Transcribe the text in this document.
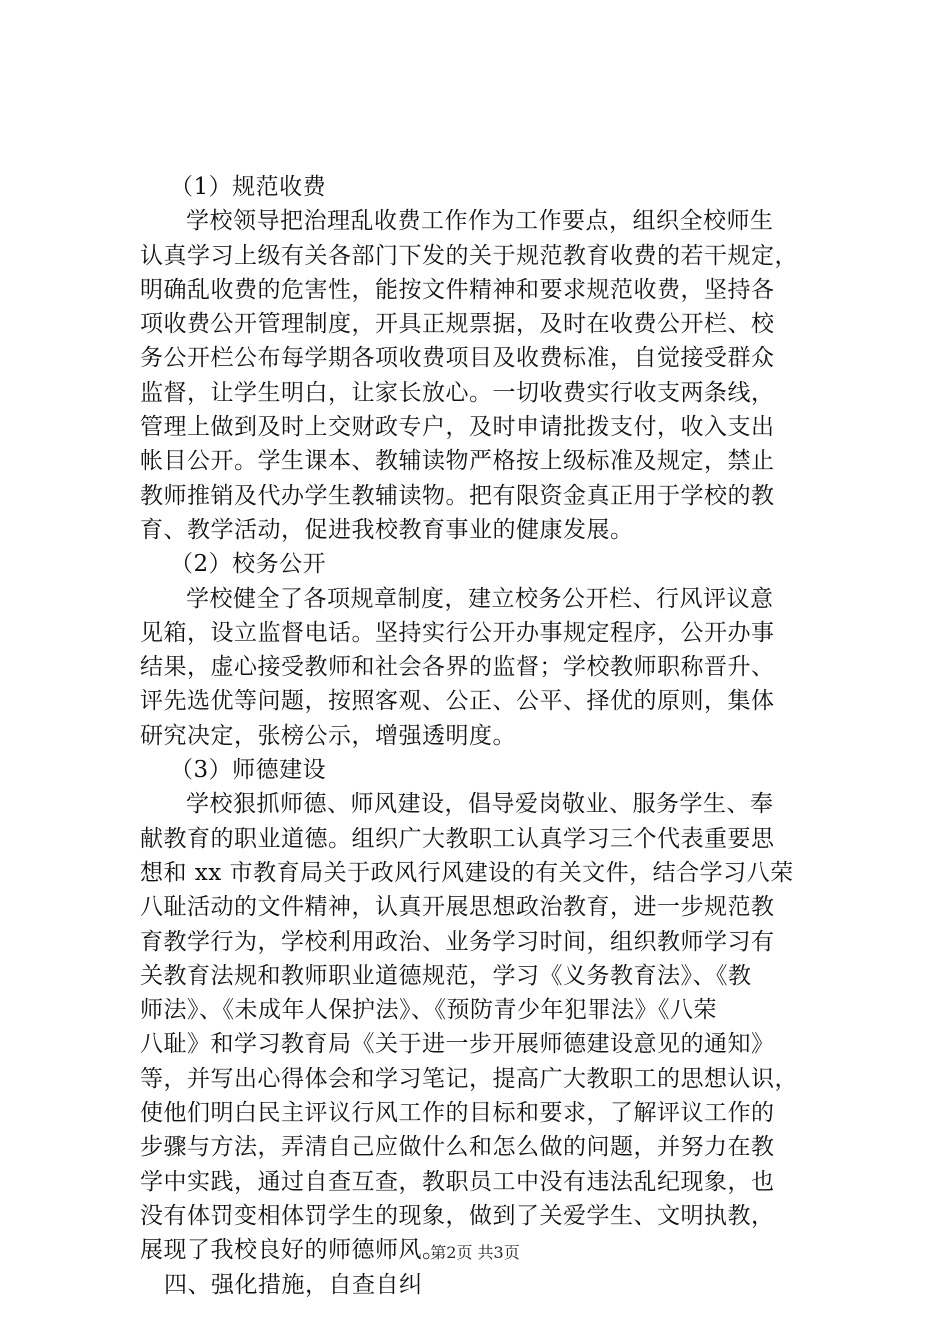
（1）规范收费
学校领导把治理乱收费工作作为工作要点，组织全校师生
认真学习上级有关各部门下发的关于规范教育收费的若干规定，
明确乱收费的危害性，能按文件精神和要求规范收费，坚持各
项收费公开管理制度，开具正规票据，及时在收费公开栏、校
务公开栏公布每学期各项收费项目及收费标准，自觉接受群众
监督，让学生明白，让家长放心。一切收费实行收支两条线，
管理上做到及时上交财政专户，及时申请批拨支付，收入支出
帐目公开。学生课本、教辅读物严格按上级标准及规定，禁止
教师推销及代办学生教辅读物。把有限资金真正用于学校的教
育、教学活动，促进我校教育事业的健康发展。
（2）校务公开
学校健全了各项规章制度，建立校务公开栏、行风评议意
见箱，设立监督电话。坚持实行公开办事规定程序，公开办事
结果，虚心接受教师和社会各界的监督；学校教师职称晋升、
评先选优等问题，按照客观、公正、公平、择优的原则，集体
研究决定，张榜公示，增强透明度。
（3）师德建设
学校狠抓师德、师风建设，倡导爱岗敬业、服务学生、奉
献教育的职业道德。组织广大教职工认真学习三个代表重要思
想和 xx 市教育局关于政风行风建设的有关文件，结合学习八荣
八耻活动的文件精神，认真开展思想政治教育，进一步规范教
育教学行为，学校利用政治、业务学习时间，组织教师学习有
关教育法规和教师职业道德规范，学习《义务教育法》、《教
师法》、《未成年人保护法》、《预防青少年犯罪法》《八荣
八耻》和学习教育局《关于进一步开展师德建设意见的通知》
等，并写出心得体会和学习笔记，提高广大教职工的思想认识，
使他们明白民主评议行风工作的目标和要求，了解评议工作的
步骤与方法，弄清自己应做什么和怎么做的问题，并努力在教
学中实践，通过自查互查，教职员工中没有违法乱纪现象，也
没有体罚变相体罚学生的现象，做到了关爱学生、文明执教，
展现了我校良好的师德师风。
四、强化措施，自查自纠
第2页 共3页
